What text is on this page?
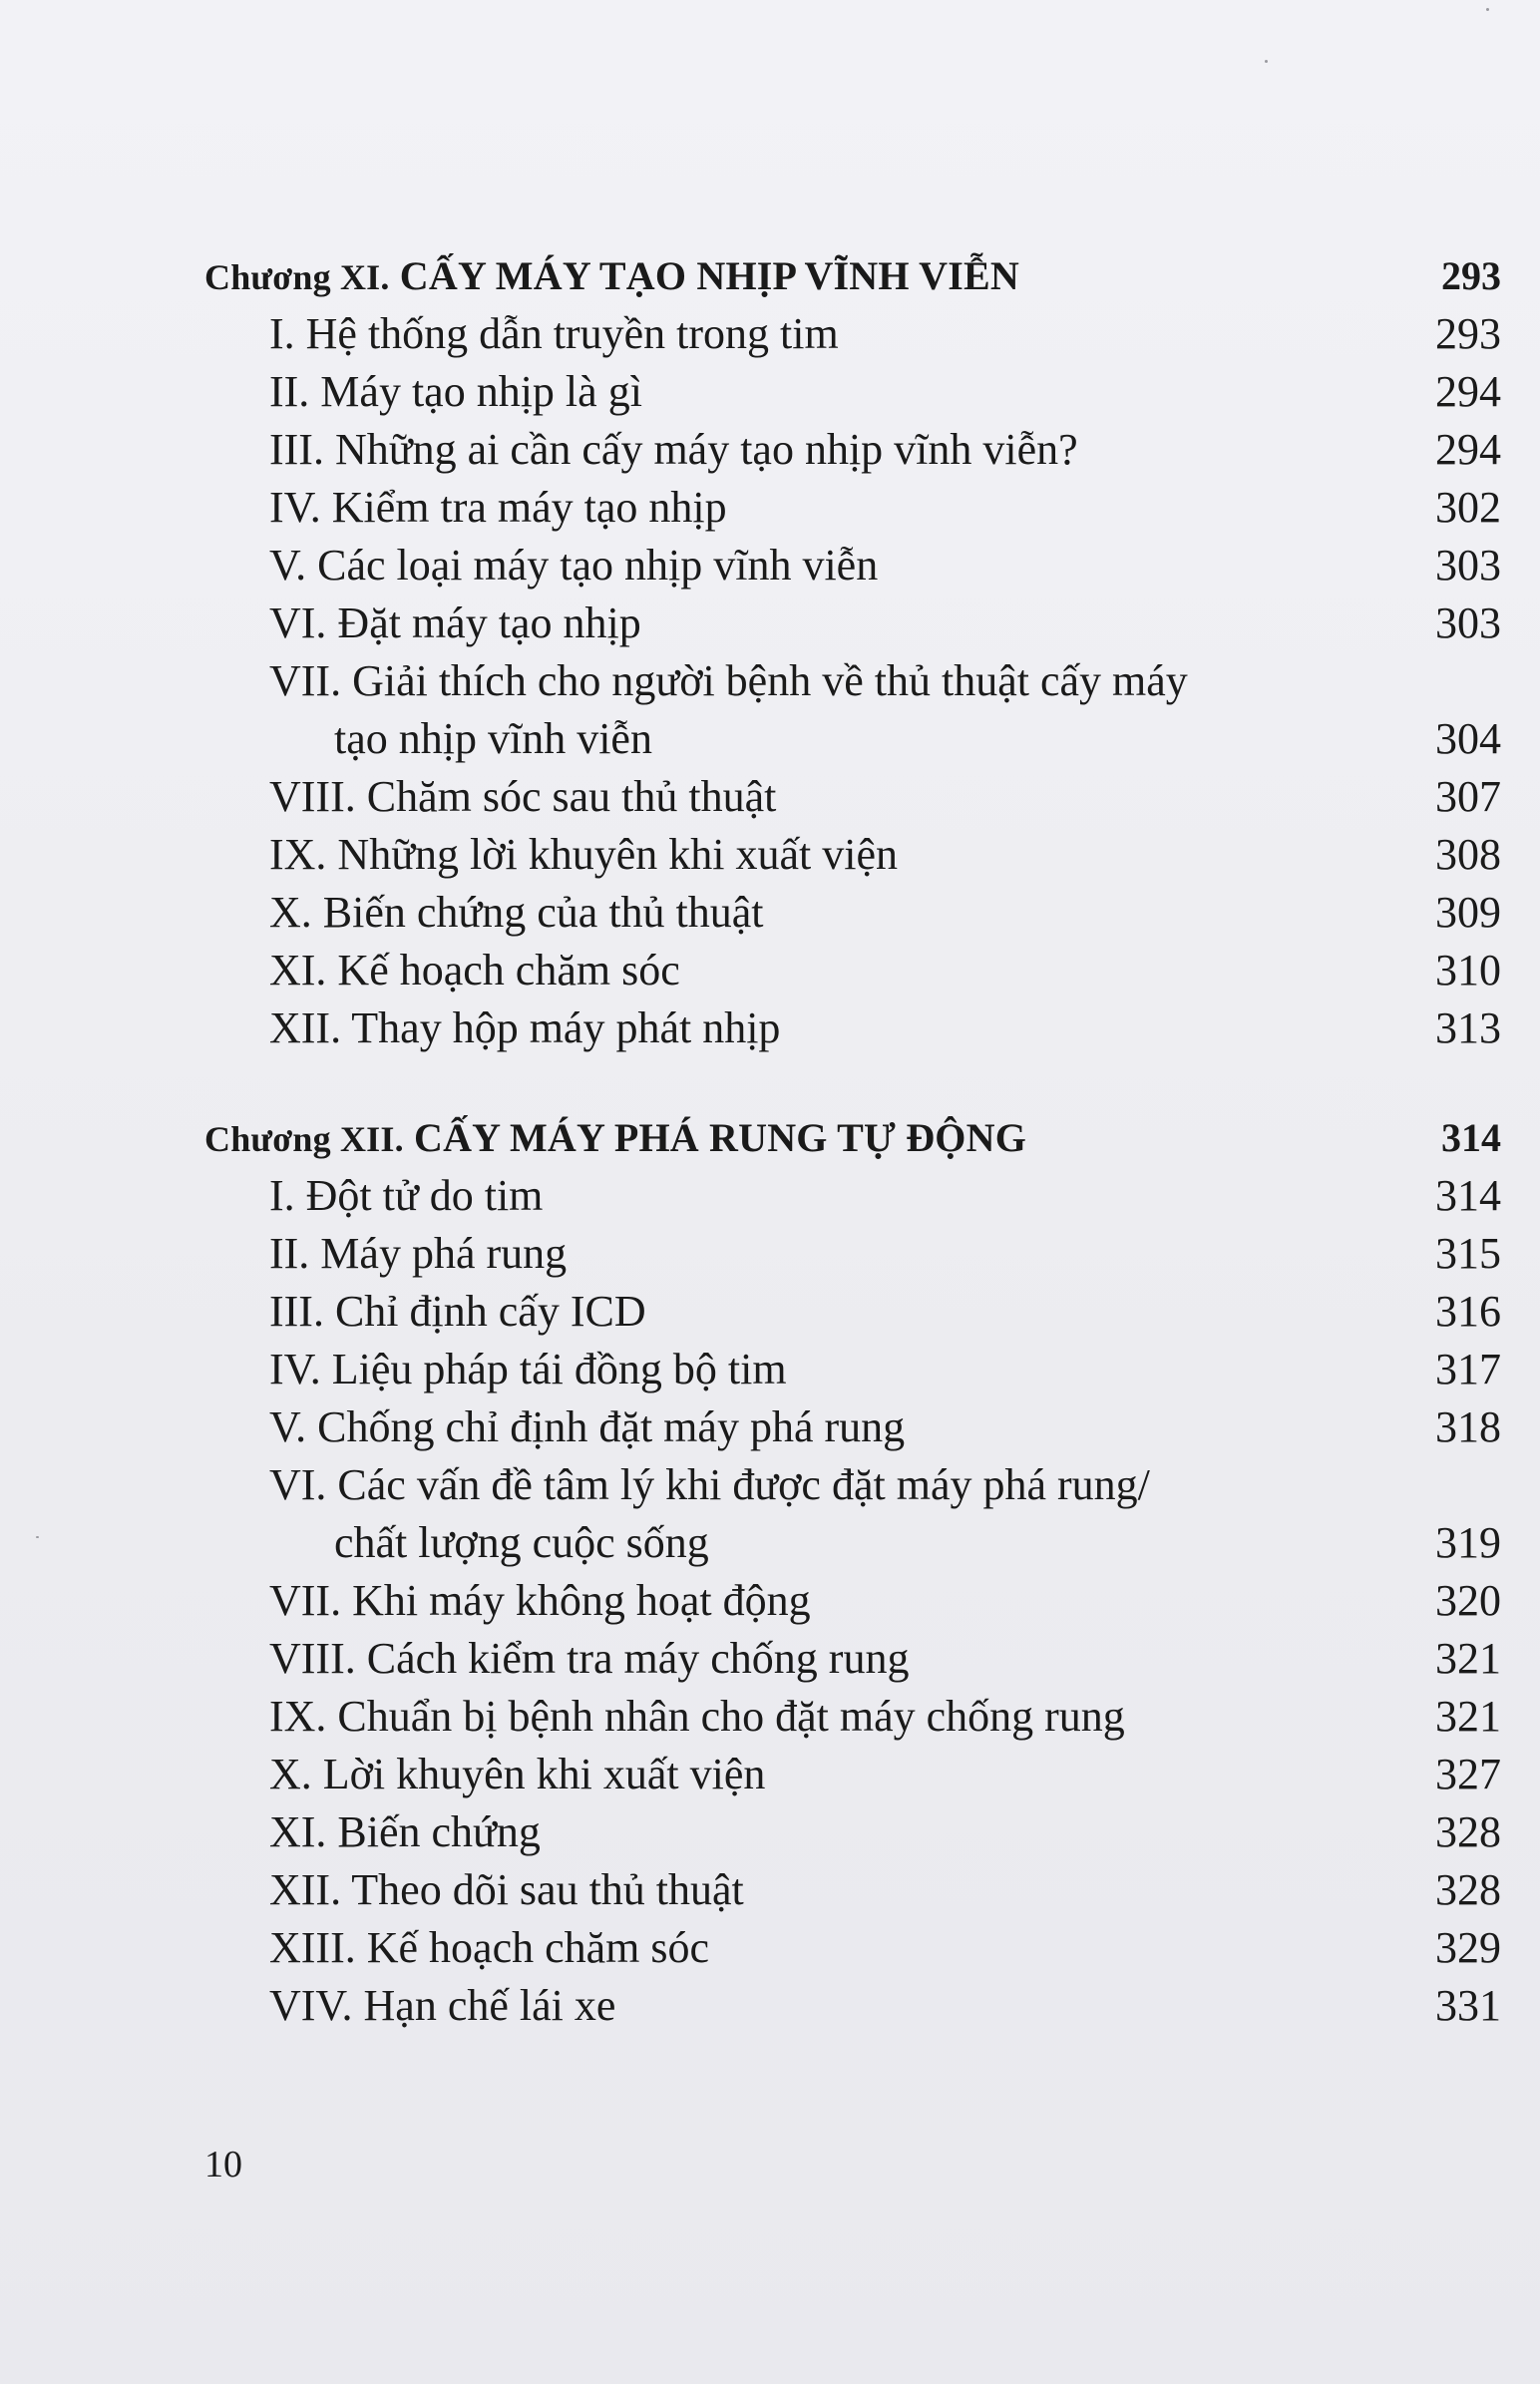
Chương XI. CẤY MÁY TẠO NHỊP VĨNH VIỄN	293
I. Hệ thống dẫn truyền trong tim	293
II. Máy tạo nhịp là gì	294
III. Những ai cần cấy máy tạo nhịp vĩnh viễn?	294
IV. Kiểm tra máy tạo nhịp	302
V. Các loại máy tạo nhịp vĩnh viễn	303
VI. Đặt máy tạo nhịp	303
VII. Giải thích cho người bệnh về thủ thuật cấy máy
tạo nhịp vĩnh viễn	304
VIII. Chăm sóc sau thủ thuật	307
IX. Những lời khuyên khi xuất viện	308
X. Biến chứng của thủ thuật	309
XI. Kế hoạch chăm sóc	310
XII. Thay hộp máy phát nhịp	313
Chương XII. CẤY MÁY PHÁ RUNG TỰ ĐỘNG	314
I. Đột tử do tim	314
II. Máy phá rung	315
III. Chỉ định cấy ICD	316
IV. Liệu pháp tái đồng bộ tim	317
V. Chống chỉ định đặt máy phá rung	318
VI. Các vấn đề tâm lý khi được đặt máy phá rung/
chất lượng cuộc sống	319
VII. Khi máy không hoạt động	320
VIII. Cách kiểm tra máy chống rung	321
IX. Chuẩn bị bệnh nhân cho đặt máy chống rung	321
X. Lời khuyên khi xuất viện	327
XI. Biến chứng	328
XII. Theo dõi sau thủ thuật	328
XIII. Kế hoạch chăm sóc	329
VIV. Hạn chế lái xe	331
10
